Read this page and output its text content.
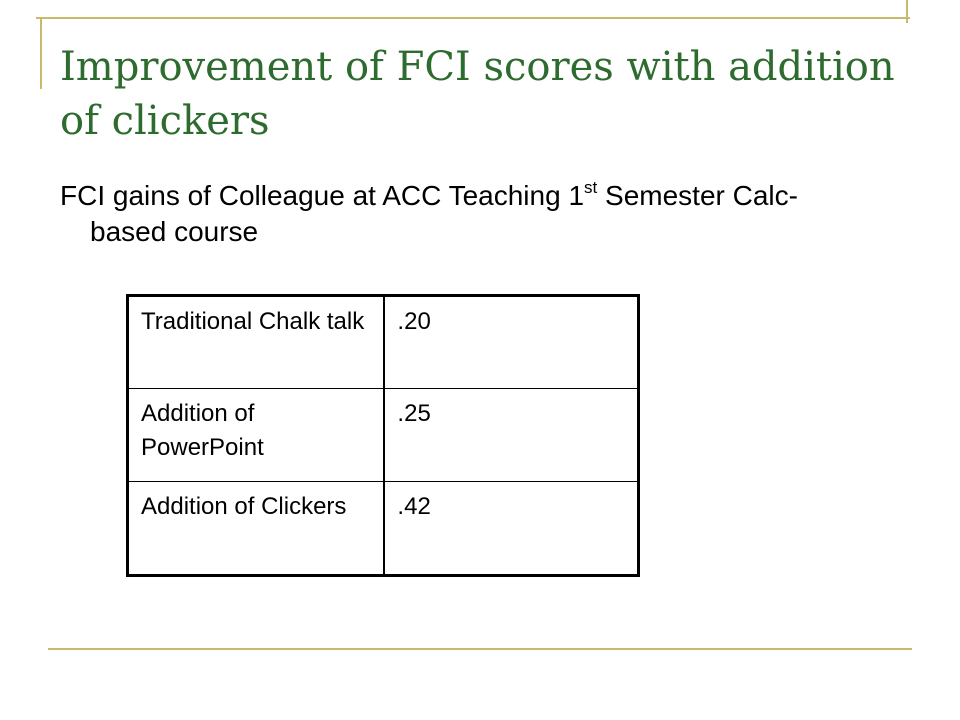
Improvement of FCI scores with addition of clickers

FCI gains of Colleague at ACC Teaching 1st Semester Calc-based course

Traditional Chalk talk	.20
Addition of PowerPoint	.25
Addition of Clickers	.42
